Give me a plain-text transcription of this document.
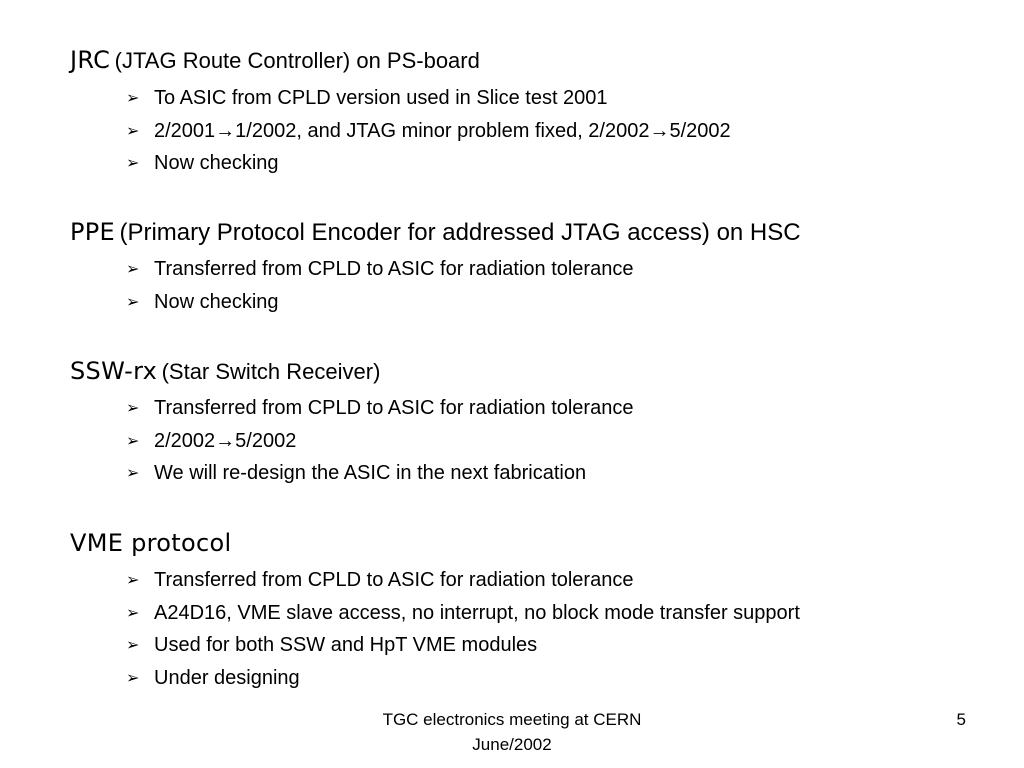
JRC (JTAG Route Controller) on PS-board
➢ To ASIC from CPLD version used in Slice test 2001
➢ 2/2001→1/2002, and JTAG minor problem fixed, 2/2002→5/2002
➢ Now checking
PPE (Primary Protocol Encoder for addressed JTAG access) on HSC
➢ Transferred from CPLD to ASIC for radiation tolerance
➢ Now checking
SSW-rx (Star Switch Receiver)
➢ Transferred from CPLD to ASIC for radiation tolerance
➢ 2/2002→5/2002
➢ We will re-design the ASIC in the next fabrication
VME protocol
➢ Transferred from CPLD to ASIC for radiation tolerance
➢ A24D16, VME slave access, no interrupt, no block mode transfer support
➢ Used for both SSW and HpT VME modules
➢ Under designing
TGC electronics meeting at CERN
June/2002
5
